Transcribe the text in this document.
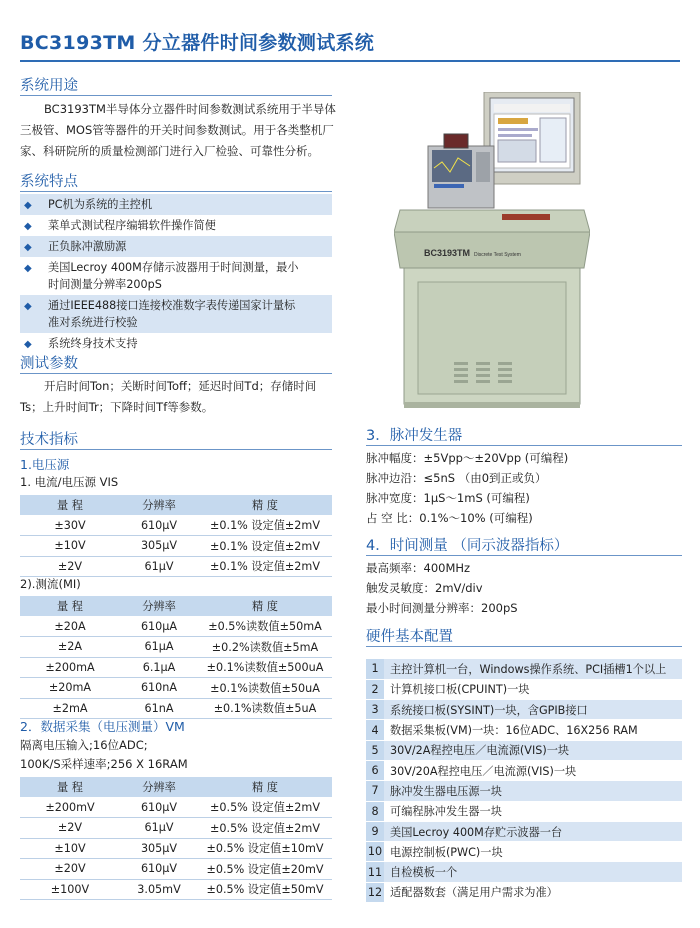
BC3193TM 分立器件时间参数测试系统
系统用途
BC3193TM半导体分立器件时间参数测试系统用于半导体
三极管、MOS管等器件的开关时间参数测试。用于各类整机厂
家、科研院所的质量检测部门进行入厂检验、可靠性分析。
系统特点
◆	PC机为系统的主控机
◆	菜单式测试程序编辑软件操作简便
◆	正负脉冲激励源
◆	美国Lecroy 400M存储示波器用于时间测量，最小
时间测量分辨率200pS
◆	通过IEEE488接口连接校准数字表传递国家计量标
准对系统进行校验
◆	系统终身技术支持
测试参数
开启时间Ton；关断时间Toff；延迟时间Td；存储时间
Ts；上升时间Tr；下降时间Tf等参数。
技术指标
1.电压源
1. 电流/电压源 VIS
量 程	分辨率	精 度
±30V	610μV	±0.1% 设定值±2mV
±10V	305μV	±0.1% 设定值±2mV
±2V	61μV	±0.1% 设定值±2mV
2).测流(MI)
量 程	分辨率	精 度
±20A	610μA	±0.5%读数值±50mA
±2A	61μA	±0.2%读数值±5mA
±200mA	6.1μA	±0.1%读数值±500uA
±20mA	610nA	±0.1%读数值±50uA
±2mA	61nA	±0.1%读数值±5uA
2．数据采集（电压测量）VM
隔离电压输入;16位ADC;
100K/S采样速率;256 X 16RAM
量 程	分辨率	精 度
±200mV	610μV	±0.5% 设定值±2mV
±2V	61μV	±0.5% 设定值±2mV
±10V	305μV	±0.5% 设定值±10mV
±20V	610μV	±0.5% 设定值±20mV
±100V	3.05mV	±0.5% 设定值±50mV
BC3193TM Discrete Test System
3．脉冲发生器
脉冲幅度：±5Vpp～±20Vpp (可编程)
脉冲边沿：≤5nS （由0到正或负）
脉冲宽度：1μS～1mS (可编程)
占 空 比：0.1%～10% (可编程)
4．时间测量 （同示波器指标）
最高频率：400MHz
触发灵敏度：2mV/div
最小时间测量分辨率：200pS
硬件基本配置
1	主控计算机一台，Windows操作系统、PCI插槽1个以上
2	计算机接口板(CPUINT)一块
3	系统接口板(SYSINT)一块，含GPIB接口
4	数据采集板(VM)一块：16位ADC、16X256 RAM
5	30V/2A程控电压／电流源(VIS)一块
6	30V/20A程控电压／电流源(VIS)一块
7	脉冲发生器电压源一块
8	可编程脉冲发生器一块
9	美国Lecroy 400M存贮示波器一台
10	电源控制板(PWC)一块
11	自检模板一个
12	适配器数套（满足用户需求为准）
